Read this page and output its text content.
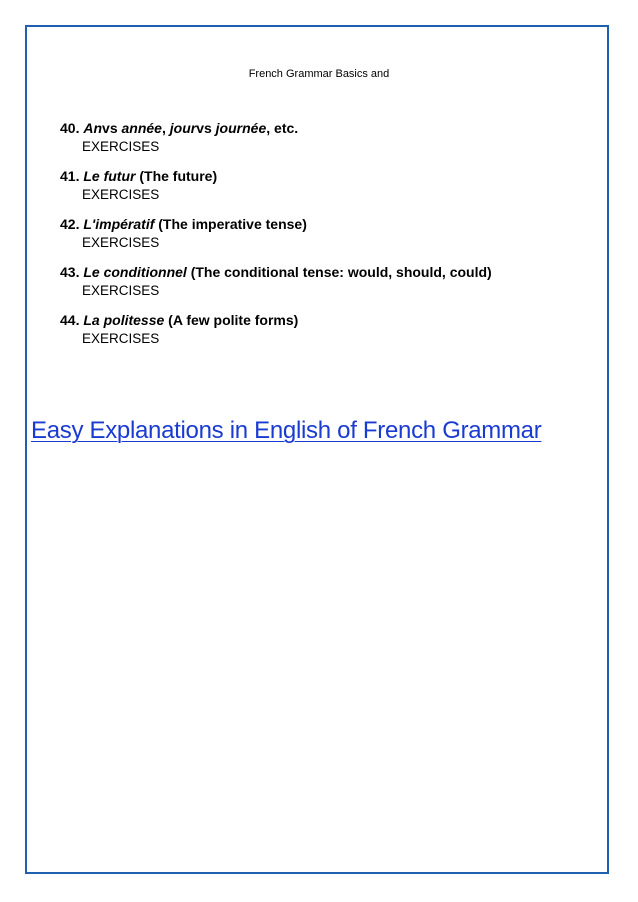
French Grammar Basics and
40. Anvs année, jourvs journée, etc.
EXERCISES
41. Le futur (The future)
EXERCISES
42. L'impératif (The imperative tense)
EXERCISES
43. Le conditionnel (The conditional tense: would, should, could)
EXERCISES
44. La politesse (A few polite forms)
EXERCISES
Easy Explanations in English of French Grammar
